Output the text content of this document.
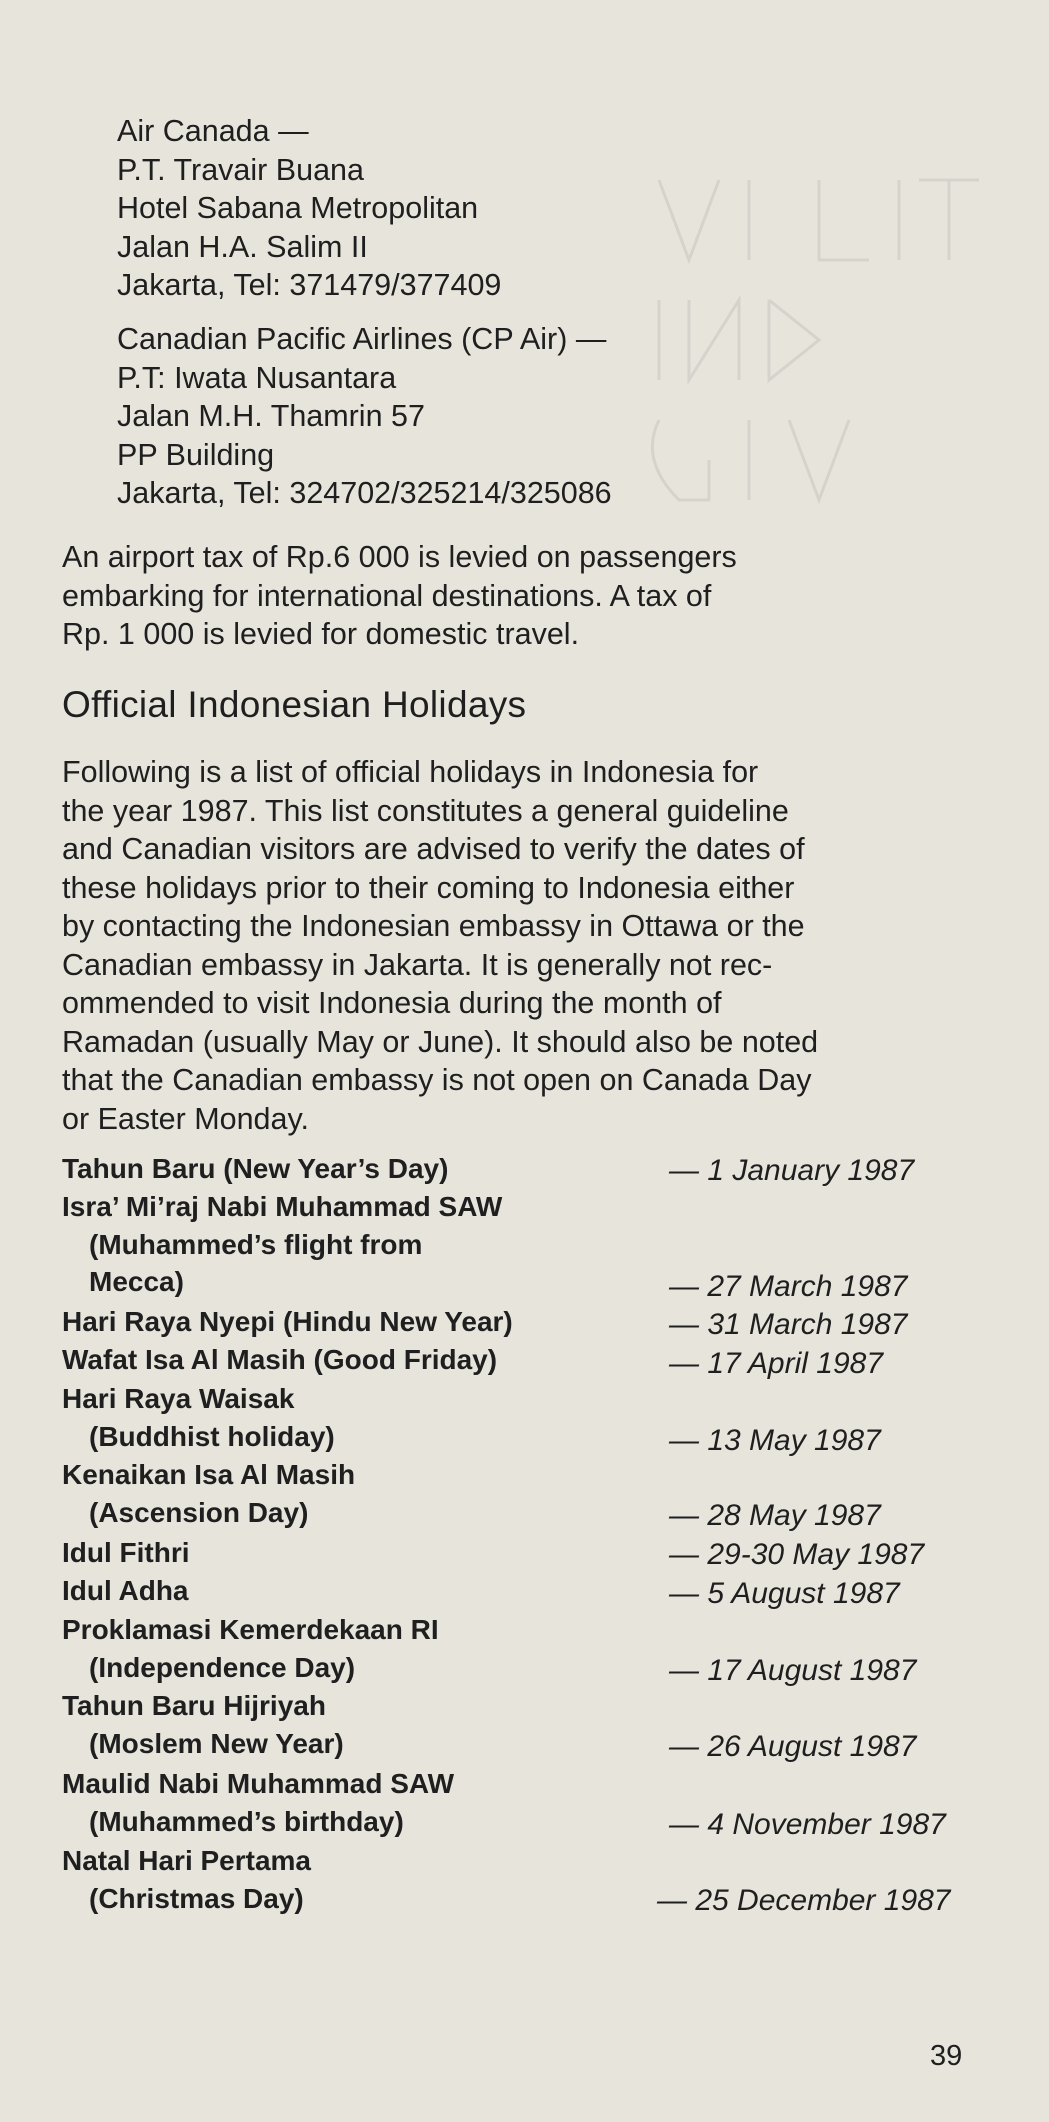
Air Canada —
P.T. Travair Buana
Hotel Sabana Metropolitan
Jalan H.A. Salim II
Jakarta, Tel: 371479/377409
Canadian Pacific Airlines (CP Air) —
P.T: Iwata Nusantara
Jalan M.H. Thamrin 57
PP Building
Jakarta, Tel: 324702/325214/325086
An airport tax of Rp.6 000 is levied on passengers
embarking for international destinations. A tax of
Rp. 1 000 is levied for domestic travel.
Official Indonesian Holidays
Following is a list of official holidays in Indonesia for
the year 1987. This list constitutes a general guideline
and Canadian visitors are advised to verify the dates of
these holidays prior to their coming to Indonesia either
by contacting the Indonesian embassy in Ottawa or the
Canadian embassy in Jakarta. It is generally not rec-
ommended to visit Indonesia during the month of
Ramadan (usually May or June). It should also be noted
that the Canadian embassy is not open on Canada Day
or Easter Monday.
Tahun Baru (New Year’s Day)	— 1 January 1987
Isra’ Mi’raj Nabi Muhammad SAW
(Muhammed’s flight from
Mecca)	— 27 March 1987
Hari Raya Nyepi (Hindu New Year)	— 31 March 1987
Wafat Isa Al Masih (Good Friday)	— 17 April 1987
Hari Raya Waisak
(Buddhist holiday)	— 13 May 1987
Kenaikan Isa Al Masih
(Ascension Day)	— 28 May 1987
Idul Fithri	— 29-30 May 1987
Idul Adha	— 5 August 1987
Proklamasi Kemerdekaan RI
(Independence Day)	— 17 August 1987
Tahun Baru Hijriyah
(Moslem New Year)	— 26 August 1987
Maulid Nabi Muhammad SAW
(Muhammed’s birthday)	— 4 November 1987
Natal Hari Pertama
(Christmas Day)	— 25 December 1987
39
